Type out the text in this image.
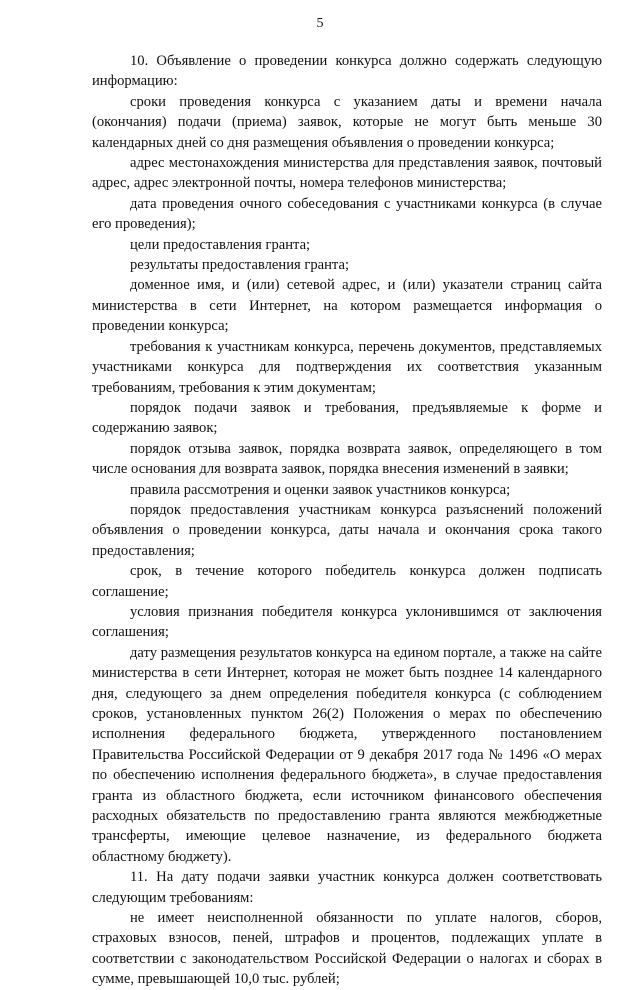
5

10. Объявление о проведении конкурса должно содержать следующую информацию:

сроки проведения конкурса с указанием даты и времени начала (окончания) подачи (приема) заявок, которые не могут быть меньше 30 календарных дней со дня размещения объявления о проведении конкурса;

адрес местонахождения министерства для представления заявок, почтовый адрес, адрес электронной почты, номера телефонов министерства;

дата проведения очного собеседования с участниками конкурса (в случае его проведения);

цели предоставления гранта;

результаты предоставления гранта;

доменное имя, и (или) сетевой адрес, и (или) указатели страниц сайта министерства в сети Интернет, на котором размещается информация о проведении конкурса;

требования к участникам конкурса, перечень документов, представляемых участниками конкурса для подтверждения их соответствия указанным требованиям, требования к этим документам;

порядок подачи заявок и требования, предъявляемые к форме и содержанию заявок;

порядок отзыва заявок, порядка возврата заявок, определяющего в том числе основания для возврата заявок, порядка внесения изменений в заявки;

правила рассмотрения и оценки заявок участников конкурса;

порядок предоставления участникам конкурса разъяснений положений объявления о проведении конкурса, даты начала и окончания срока такого предоставления;

срок, в течение которого победитель конкурса должен подписать соглашение;

условия признания победителя конкурса уклонившимся от заключения соглашения;

дату размещения результатов конкурса на едином портале, а также на сайте министерства в сети Интернет, которая не может быть позднее 14 календарного дня, следующего за днем определения победителя конкурса (с соблюдением сроков, установленных пунктом 26(2) Положения о мерах по обеспечению исполнения федерального бюджета, утвержденного постановлением Правительства Российской Федерации от 9 декабря 2017 года № 1496 «О мерах по обеспечению исполнения федерального бюджета», в случае предоставления гранта из областного бюджета, если источником финансового обеспечения расходных обязательств по предоставлению гранта являются межбюджетные трансферты, имеющие целевое назначение, из федерального бюджета областному бюджету).

11. На дату подачи заявки участник конкурса должен соответствовать следующим требованиям:

не имеет неисполненной обязанности по уплате налогов, сборов, страховых взносов, пеней, штрафов и процентов, подлежащих уплате в соответствии с законодательством Российской Федерации о налогах и сборах в сумме, превышающей 10,0 тыс. рублей;
